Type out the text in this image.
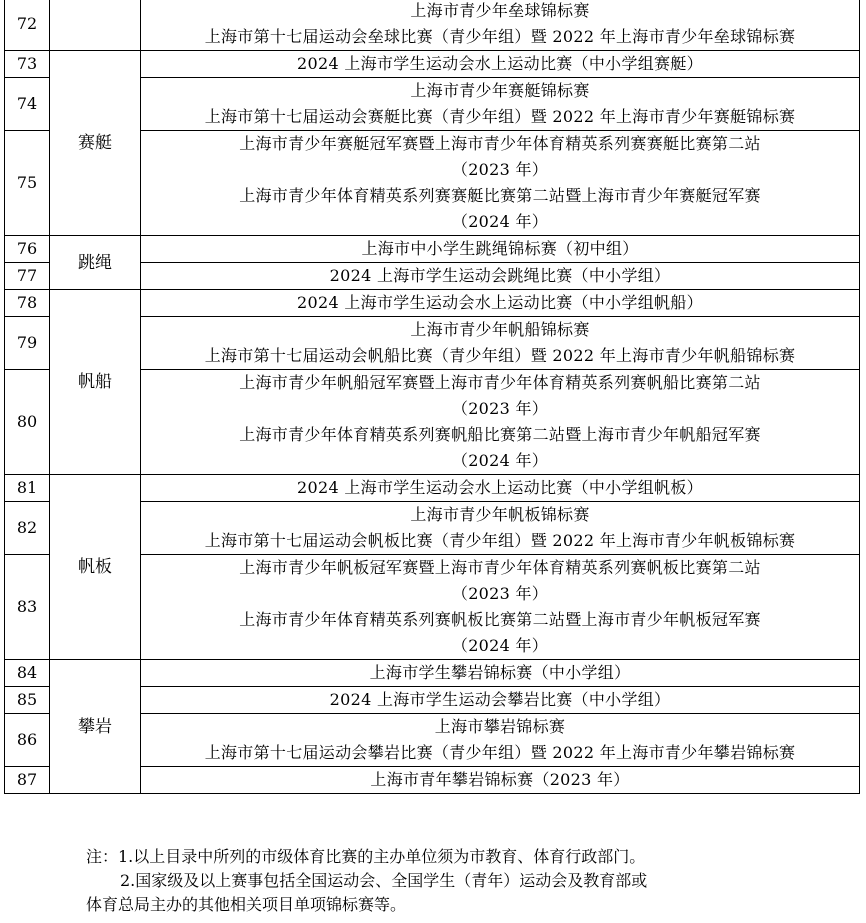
72		上海市青少年垒球锦标赛
上海市第十七届运动会垒球比赛（青少年组）暨 2022 年上海市青少年垒球锦标赛

73	赛艇	2024 上海市学生运动会水上运动比赛（中小学组赛艇）

74		上海市青少年赛艇锦标赛
上海市第十七届运动会赛艇比赛（青少年组）暨 2022 年上海市青少年赛艇锦标赛

75		上海市青少年赛艇冠军赛暨上海市青少年体育精英系列赛赛艇比赛第二站
（2023 年）
上海市青少年体育精英系列赛赛艇比赛第二站暨上海市青少年赛艇冠军赛
（2024 年）

76	跳绳	上海市中小学生跳绳锦标赛（初中组）

77		2024 上海市学生运动会跳绳比赛（中小学组）

78	帆船	2024 上海市学生运动会水上运动比赛（中小学组帆船）

79		上海市青少年帆船锦标赛
上海市第十七届运动会帆船比赛（青少年组）暨 2022 年上海市青少年帆船锦标赛

80		上海市青少年帆船冠军赛暨上海市青少年体育精英系列赛帆船比赛第二站
（2023 年）
上海市青少年体育精英系列赛帆船比赛第二站暨上海市青少年帆船冠军赛
（2024 年）

81	帆板	2024 上海市学生运动会水上运动比赛（中小学组帆板）

82		上海市青少年帆板锦标赛
上海市第十七届运动会帆板比赛（青少年组）暨 2022 年上海市青少年帆板锦标赛

83		上海市青少年帆板冠军赛暨上海市青少年体育精英系列赛帆板比赛第二站
（2023 年）
上海市青少年体育精英系列赛帆板比赛第二站暨上海市青少年帆板冠军赛
（2024 年）

84	攀岩	上海市学生攀岩锦标赛（中小学组）

85		2024 上海市学生运动会攀岩比赛（中小学组）

86		上海市攀岩锦标赛
上海市第十七届运动会攀岩比赛（青少年组）暨 2022 年上海市青少年攀岩锦标赛

87		上海市青年攀岩锦标赛（2023 年）
注：1.以上目录中所列的市级体育比赛的主办单位须为市教育、体育行政部门。
2.国家级及以上赛事包括全国运动会、全国学生（青年）运动会及教育部或
体育总局主办的其他相关项目单项锦标赛等。
